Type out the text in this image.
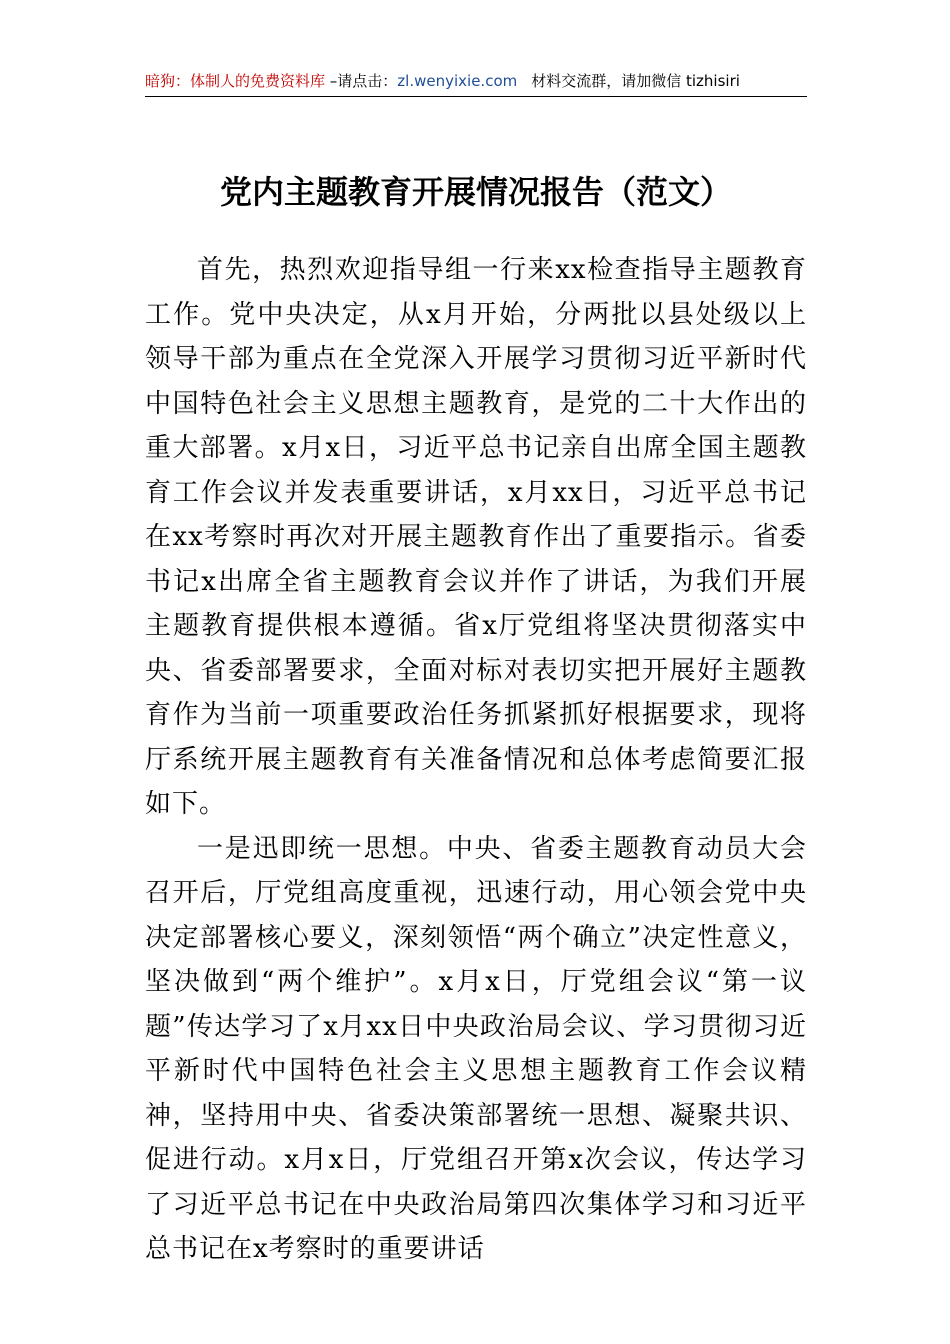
暗狗：体制人的免费资料库 –请点击：zl.wenyixie.com 材料交流群，请加微信 tizhisiri
党内主题教育开展情况报告（范文）

首先，热烈欢迎指导组一行来xx检查指导主题教育工作。党中央决定，从x月开始，分两批以县处级以上领导干部为重点在全党深入开展学习贯彻习近平新时代中国特色社会主义思想主题教育，是党的二十大作出的重大部署。x月x日，习近平总书记亲自出席全国主题教育工作会议并发表重要讲话，x月xx日，习近平总书记在xx考察时再次对开展主题教育作出了重要指示。省委书记x出席全省主题教育会议并作了讲话，为我们开展主题教育提供根本遵循。省x厅党组将坚决贯彻落实中央、省委部署要求，全面对标对表切实把开展好主题教育作为当前一项重要政治任务抓紧抓好根据要求，现将厅系统开展主题教育有关准备情况和总体考虑简要汇报如下。

一是迅即统一思想。中央、省委主题教育动员大会召开后，厅党组高度重视，迅速行动，用心领会党中央决定部署核心要义，深刻领悟“两个确立”决定性意义，坚决做到“两个维护”。x月x日，厅党组会议“第一议题”传达学习了x月xx日中央政治局会议、学习贯彻习近平新时代中国特色社会主义思想主题教育工作会议精神，坚持用中央、省委决策部署统一思想、凝聚共识、促进行动。x月x日，厅党组召开第x次会议，传达学习了习近平总书记在中央政治局第四次集体学习和习近平总书记在x考察时的重要讲话
